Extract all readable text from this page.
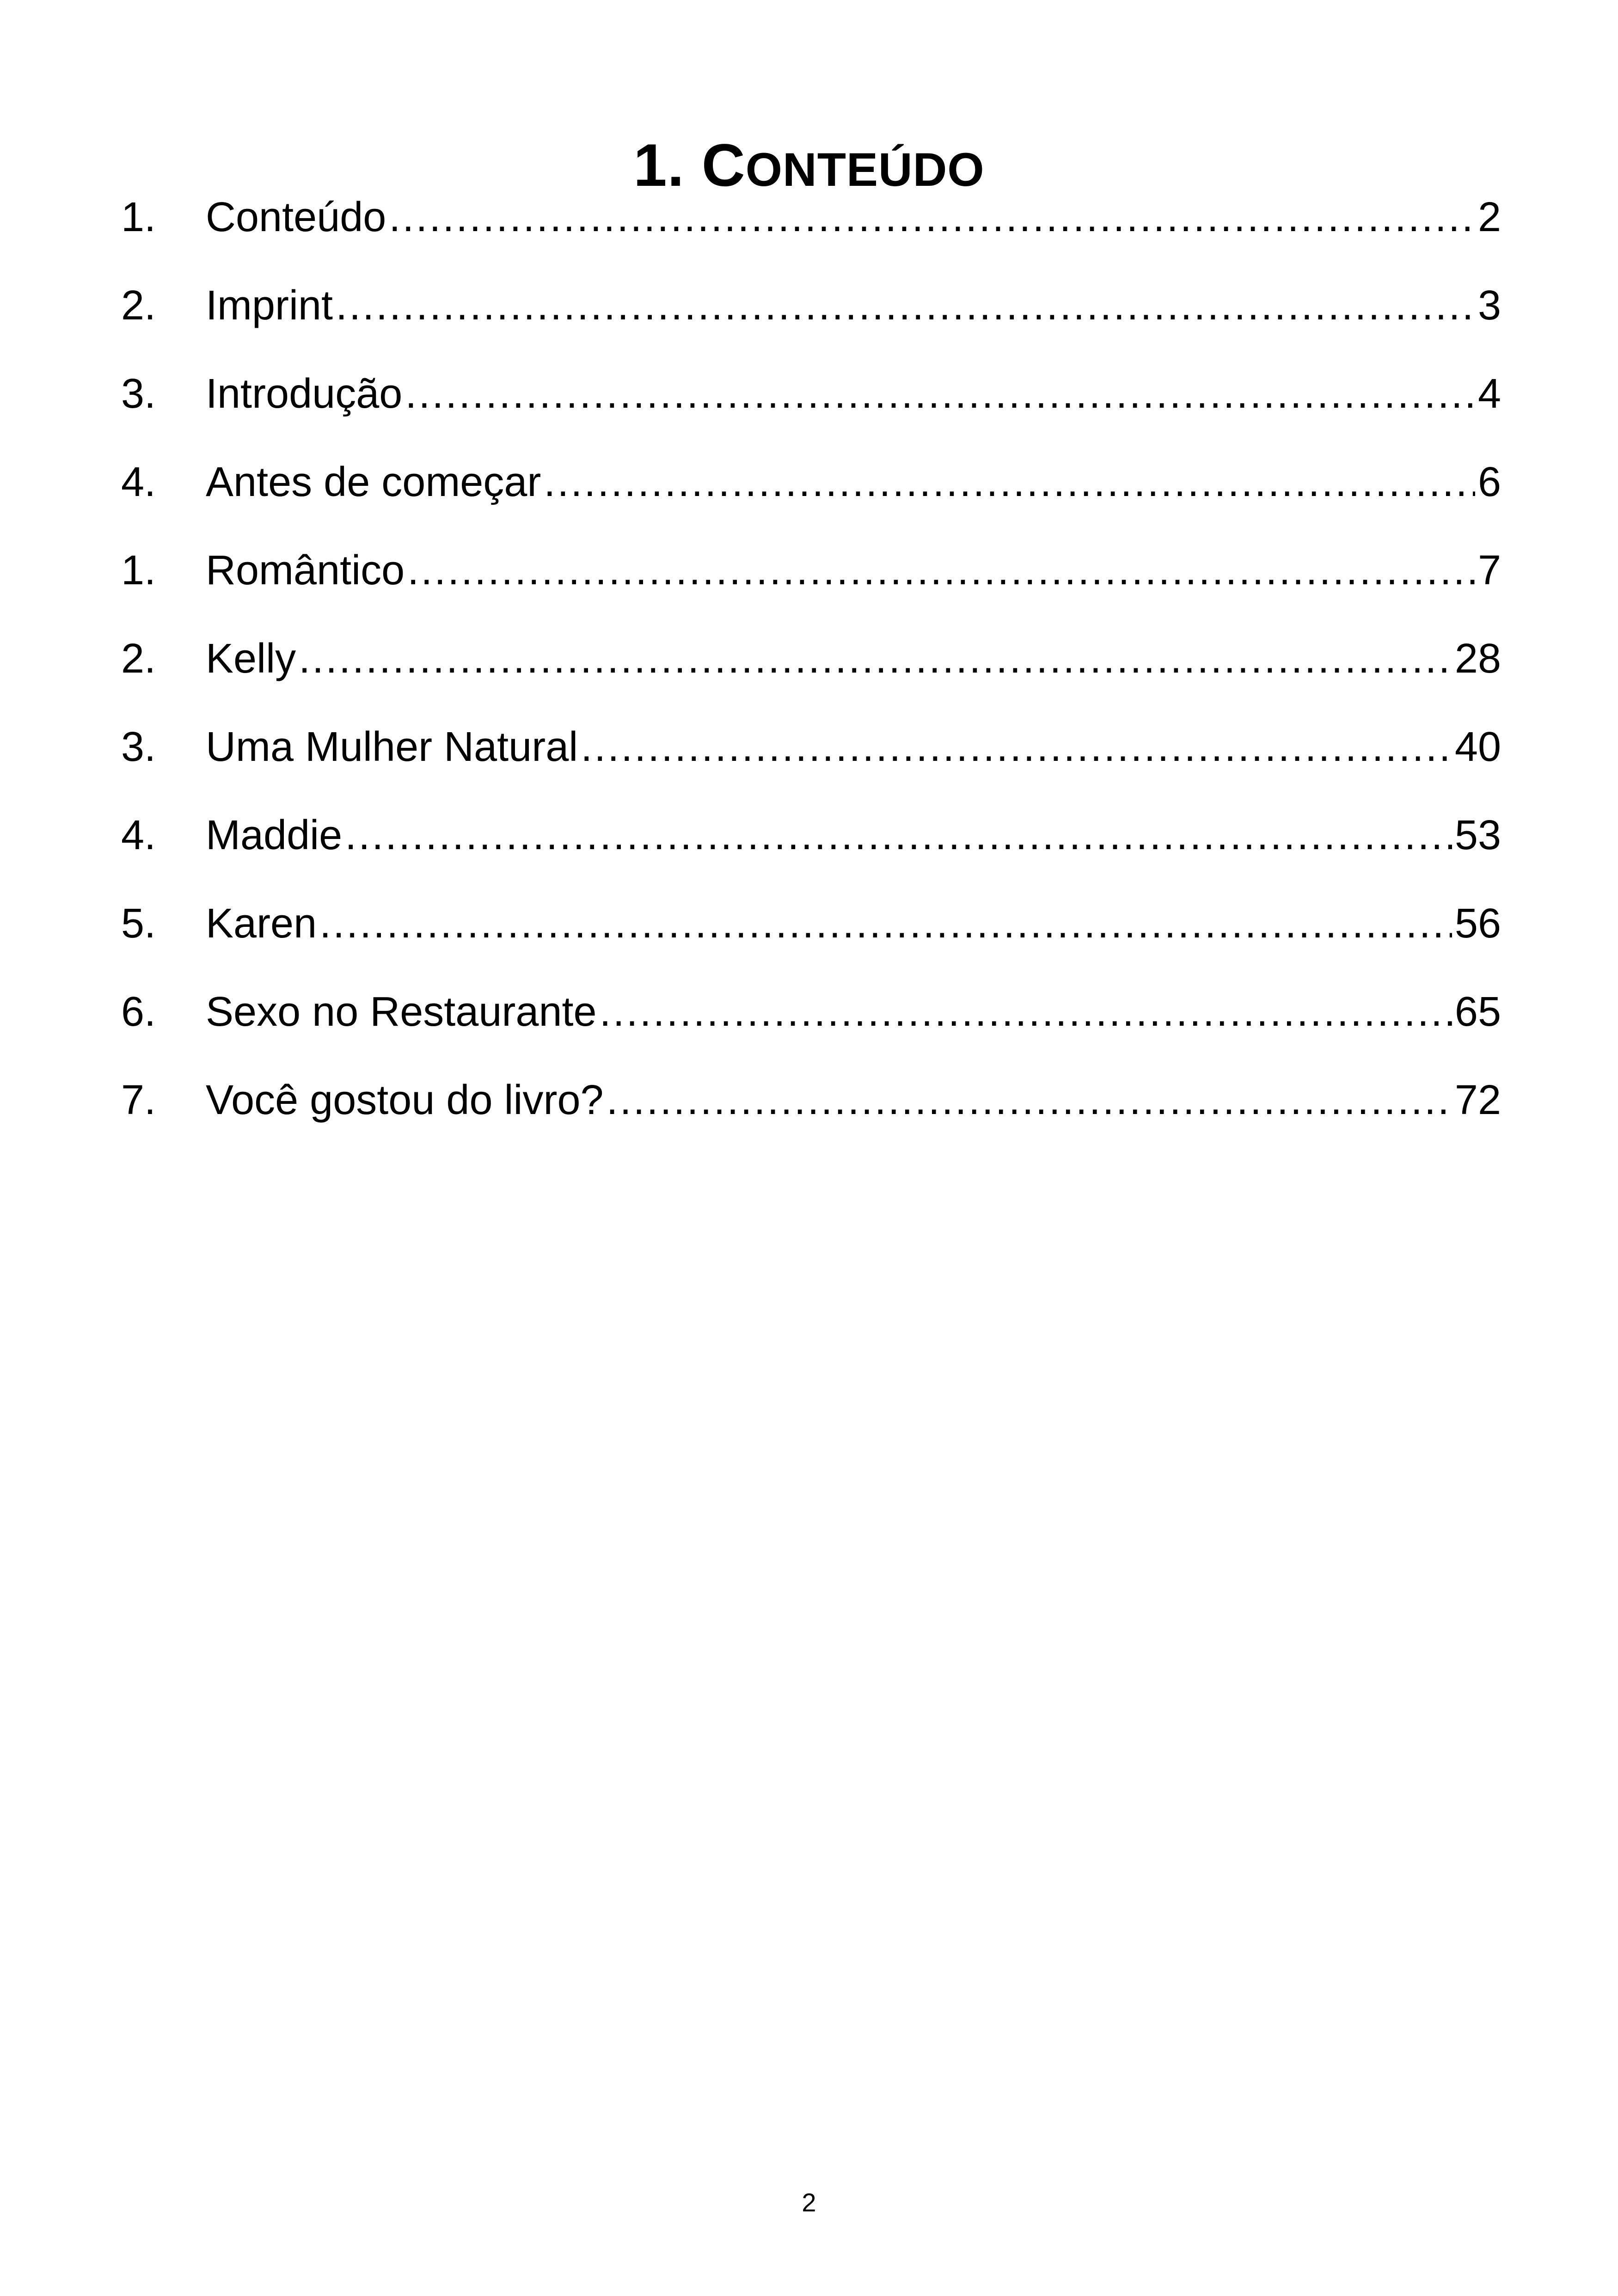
1. CONTEÚDO
1.	Conteúdo .....	2
2.	Imprint .....	3
3.	Introdução .....	4
4.	Antes de começar .....	6
1.	Romântico .....	7
2.	Kelly .....	28
3.	Uma Mulher Natural .....	40
4.	Maddie .....	53
5.	Karen .....	56
6.	Sexo no Restaurante .....	65
7.	Você gostou do livro? .....	72
2
